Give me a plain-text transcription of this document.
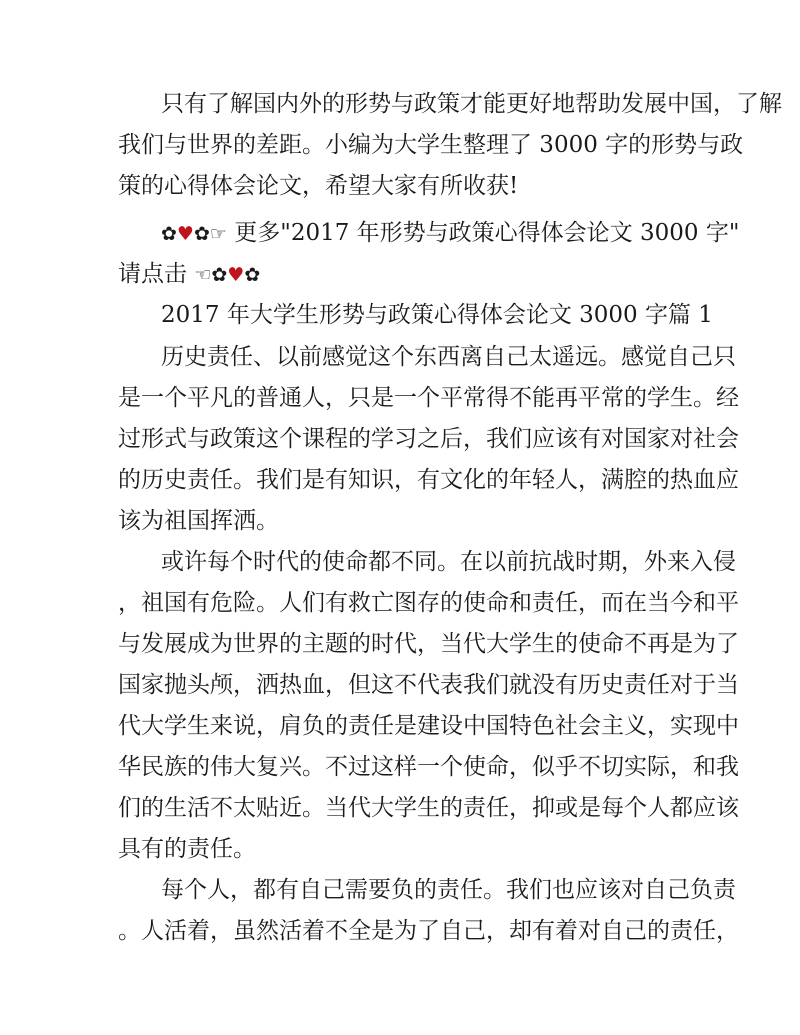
只有了解国内外的形势与政策才能更好地帮助发展中国，了解
我们与世界的差距。小编为大学生整理了 3000 字的形势与政
策的心得体会论文，希望大家有所收获!
✿♥✿☞ 更多"2017 年形势与政策心得体会论文 3000 字"
请点击 ☜✿♥✿
2017 年大学生形势与政策心得体会论文 3000 字篇 1
历史责任、以前感觉这个东西离自己太遥远。感觉自己只
是一个平凡的普通人，只是一个平常得不能再平常的学生。经
过形式与政策这个课程的学习之后，我们应该有对国家对社会
的历史责任。我们是有知识，有文化的年轻人，满腔的热血应
该为祖国挥洒。
或许每个时代的使命都不同。在以前抗战时期，外来入侵
，祖国有危险。人们有救亡图存的使命和责任，而在当今和平
与发展成为世界的主题的时代，当代大学生的使命不再是为了
国家抛头颅，洒热血，但这不代表我们就没有历史责任对于当
代大学生来说，肩负的责任是建设中国特色社会主义，实现中
华民族的伟大复兴。不过这样一个使命，似乎不切实际，和我
们的生活不太贴近。当代大学生的责任，抑或是每个人都应该
具有的责任。
每个人，都有自己需要负的责任。我们也应该对自己负责
。人活着，虽然活着不全是为了自己，却有着对自己的责任，
